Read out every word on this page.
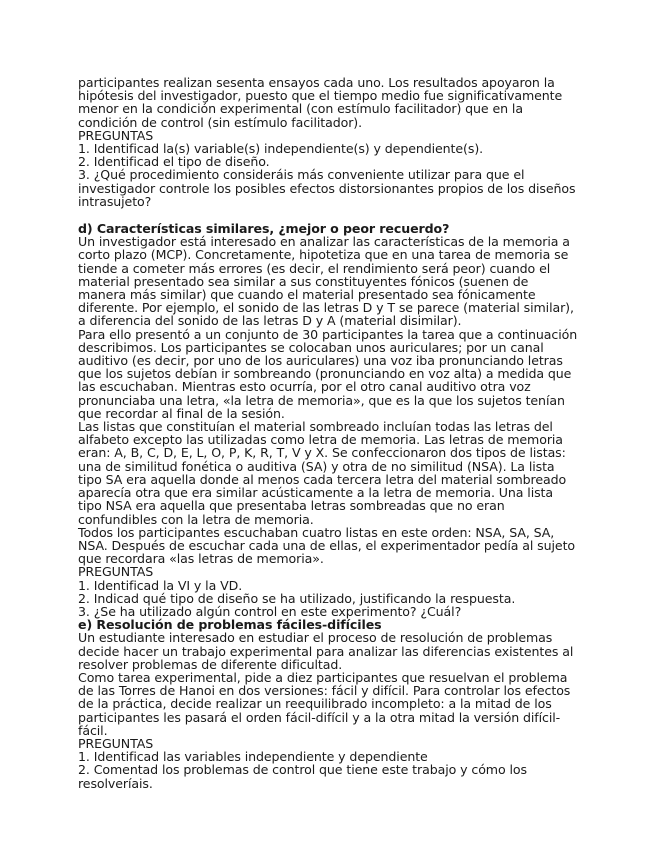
participantes realizan sesenta ensayos cada uno. Los resultados apoyaron la hipótesis del investigador, puesto que el tiempo medio fue significativamente menor en la condición experimental (con estímulo facilitador) que en la condición de control (sin estímulo facilitador).

PREGUNTAS

1. Identificad la(s) variable(s) independiente(s) y dependiente(s).

2. Identificad el tipo de diseño.

3. ¿Qué procedimiento consideráis más conveniente utilizar para que el investigador controle los posibles efectos distorsionantes propios de los diseños intrasujeto?

d) Características similares, ¿mejor o peor recuerdo?

Un investigador está interesado en analizar las características de la memoria a corto plazo (MCP). Concretamente, hipotetiza que en una tarea de memoria se tiende a cometer más errores (es decir, el rendimiento será peor) cuando el material presentado sea similar a sus constituyentes fónicos (suenen de manera más similar) que cuando el material presentado sea fónicamente diferente. Por ejemplo, el sonido de las letras D y T se parece (material similar), a diferencia del sonido de las letras D y A (material disimilar).

Para ello presentó a un conjunto de 30 participantes la tarea que a continuación describimos. Los participantes se colocaban unos auriculares; por un canal auditivo (es decir, por uno de los auriculares) una voz iba pronunciando letras que los sujetos debían ir sombreando (pronunciando en voz alta) a medida que las escuchaban. Mientras esto ocurría, por el otro canal auditivo otra voz pronunciaba una letra, «la letra de memoria», que es la que los sujetos tenían que recordar al final de la sesión.

Las listas que constituían el material sombreado incluían todas las letras del alfabeto excepto las utilizadas como letra de memoria. Las letras de memoria eran: A, B, C, D, E, L, O, P, K, R, T, V y X. Se confeccionaron dos tipos de listas: una de similitud fonética o auditiva (SA) y otra de no similitud (NSA). La lista tipo SA era aquella donde al menos cada tercera letra del material sombreado aparecía otra que era similar acústicamente a la letra de memoria. Una lista tipo NSA era aquella que presentaba letras sombreadas que no eran confundibles con la letra de memoria.

Todos los participantes escuchaban cuatro listas en este orden: NSA, SA, SA, NSA. Después de escuchar cada una de ellas, el experimentador pedía al sujeto que recordara «las letras de memoria».

PREGUNTAS

1. Identificad la VI y la VD.

2. Indicad qué tipo de diseño se ha utilizado, justificando la respuesta.

3. ¿Se ha utilizado algún control en este experimento? ¿Cuál?

e) Resolución de problemas fáciles-difíciles

Un estudiante interesado en estudiar el proceso de resolución de problemas decide hacer un trabajo experimental para analizar las diferencias existentes al resolver problemas de diferente dificultad.

Como tarea experimental, pide a diez participantes que resuelvan el problema de las Torres de Hanoi en dos versiones: fácil y difícil. Para controlar los efectos de la práctica, decide realizar un reequilibrado incompleto: a la mitad de los participantes les pasará el orden fácil-difícil y a la otra mitad la versión difícil-fácil.

PREGUNTAS

1. Identificad las variables independiente y dependiente

2. Comentad los problemas de control que tiene este trabajo y cómo los resolveríais.
